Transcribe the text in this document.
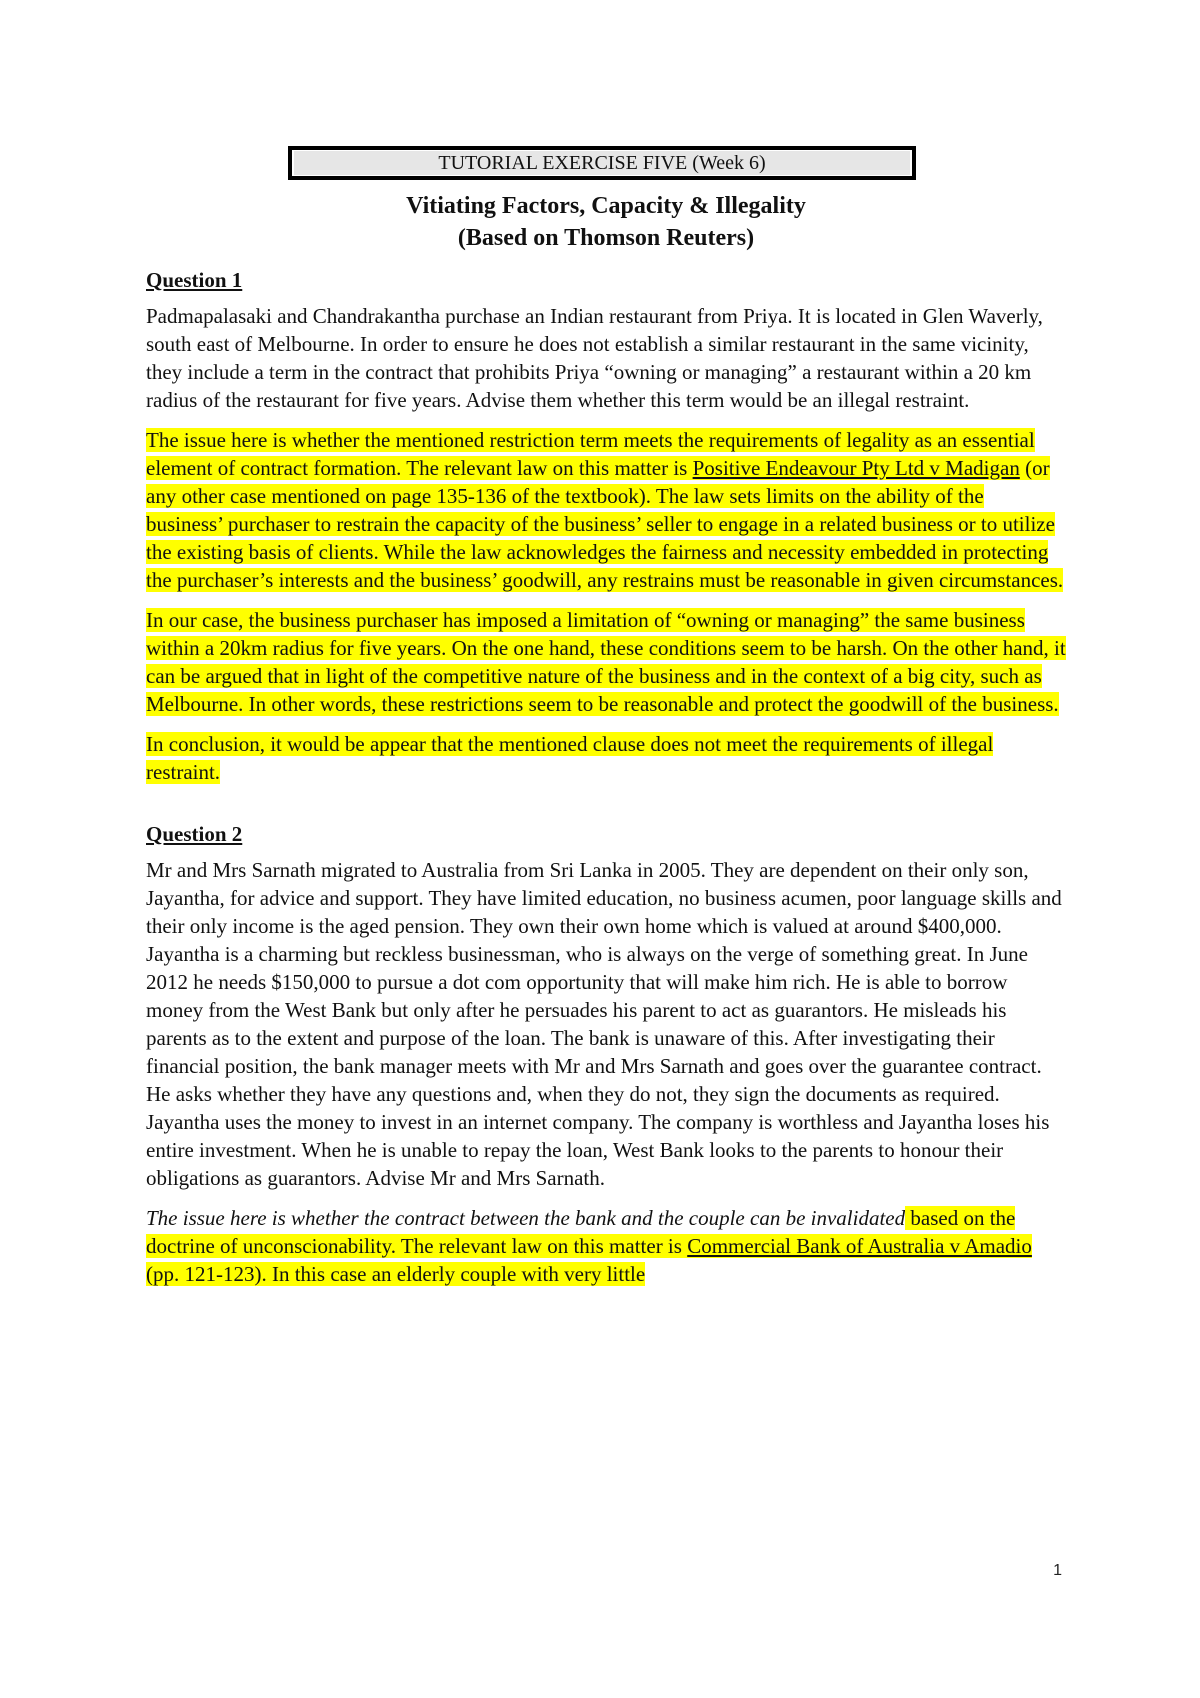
TUTORIAL EXERCISE FIVE (Week 6)
Vitiating Factors, Capacity & Illegality
(Based on Thomson Reuters)
Question 1

Padmapalasaki and Chandrakantha purchase an Indian restaurant from Priya. It is located in Glen Waverly, south east of Melbourne. In order to ensure he does not establish a similar restaurant in the same vicinity, they include a term in the contract that prohibits Priya “owning or managing” a restaurant within a 20 km radius of the restaurant for five years. Advise them whether this term would be an illegal restraint.

The issue here is whether the mentioned restriction term meets the requirements of legality as an essential element of contract formation. The relevant law on this matter is Positive Endeavour Pty Ltd v Madigan (or any other case mentioned on page 135-136 of the textbook). The law sets limits on the ability of the business’ purchaser to restrain the capacity of the business’ seller to engage in a related business or to utilize the existing basis of clients. While the law acknowledges the fairness and necessity embedded in protecting the purchaser’s interests and the business’ goodwill, any restrains must be reasonable in given circumstances.

In our case, the business purchaser has imposed a limitation of “owning or managing” the same business within a 20km radius for five years. On the one hand, these conditions seem to be harsh. On the other hand, it can be argued that in light of the competitive nature of the business and in the context of a big city, such as Melbourne. In other words, these restrictions seem to be reasonable and protect the goodwill of the business.

In conclusion, it would be appear that the mentioned clause does not meet the requirements of illegal restraint.

Question 2

Mr and Mrs Sarnath migrated to Australia from Sri Lanka in 2005. They are dependent on their only son, Jayantha, for advice and support. They have limited education, no business acumen, poor language skills and their only income is the aged pension. They own their own home which is valued at around $400,000. Jayantha is a charming but reckless businessman, who is always on the verge of something great. In June 2012 he needs $150,000 to pursue a dot com opportunity that will make him rich. He is able to borrow money from the West Bank but only after he persuades his parent to act as guarantors. He misleads his parents as to the extent and purpose of the loan. The bank is unaware of this. After investigating their financial position, the bank manager meets with Mr and Mrs Sarnath and goes over the guarantee contract. He asks whether they have any questions and, when they do not, they sign the documents as required. Jayantha uses the money to invest in an internet company. The company is worthless and Jayantha loses his entire investment. When he is unable to repay the loan, West Bank looks to the parents to honour their obligations as guarantors. Advise Mr and Mrs Sarnath.

The issue here is whether the contract between the bank and the couple can be invalidated based on the doctrine of unconscionability. The relevant law on this matter is Commercial Bank of Australia v Amadio (pp. 121-123). In this case an elderly couple with very little

1
